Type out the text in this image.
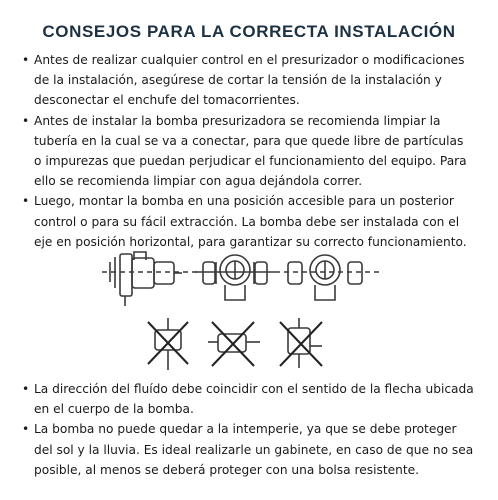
CONSEJOS PARA LA CORRECTA INSTALACIÓN
• Antes de realizar cualquier control en el presurizador o modificaciones de la instalación, asegúrese de cortar la tensión de la instalación y desconectar el enchufe del tomacorrientes.
• Antes de instalar la bomba presurizadora se recomienda limpiar la tubería en la cual se va a conectar, para que quede libre de partículas o impurezas que puedan perjudicar el funcionamiento del equipo. Para ello se recomienda limpiar con agua dejándola correr.
• Luego, montar la bomba en una posición accesible para un posterior control o para su fácil extracción. La bomba debe ser instalada con el eje en posición horizontal, para garantizar su correcto funcionamiento.
• La dirección del fluído debe coincidir con el sentido de la flecha ubicada en el cuerpo de la bomba.
• La bomba no puede quedar a la intemperie, ya que se debe proteger del sol y la lluvia. Es ideal realizarle un gabinete, en caso de que no sea posible, al menos se deberá proteger con una bolsa resistente.
